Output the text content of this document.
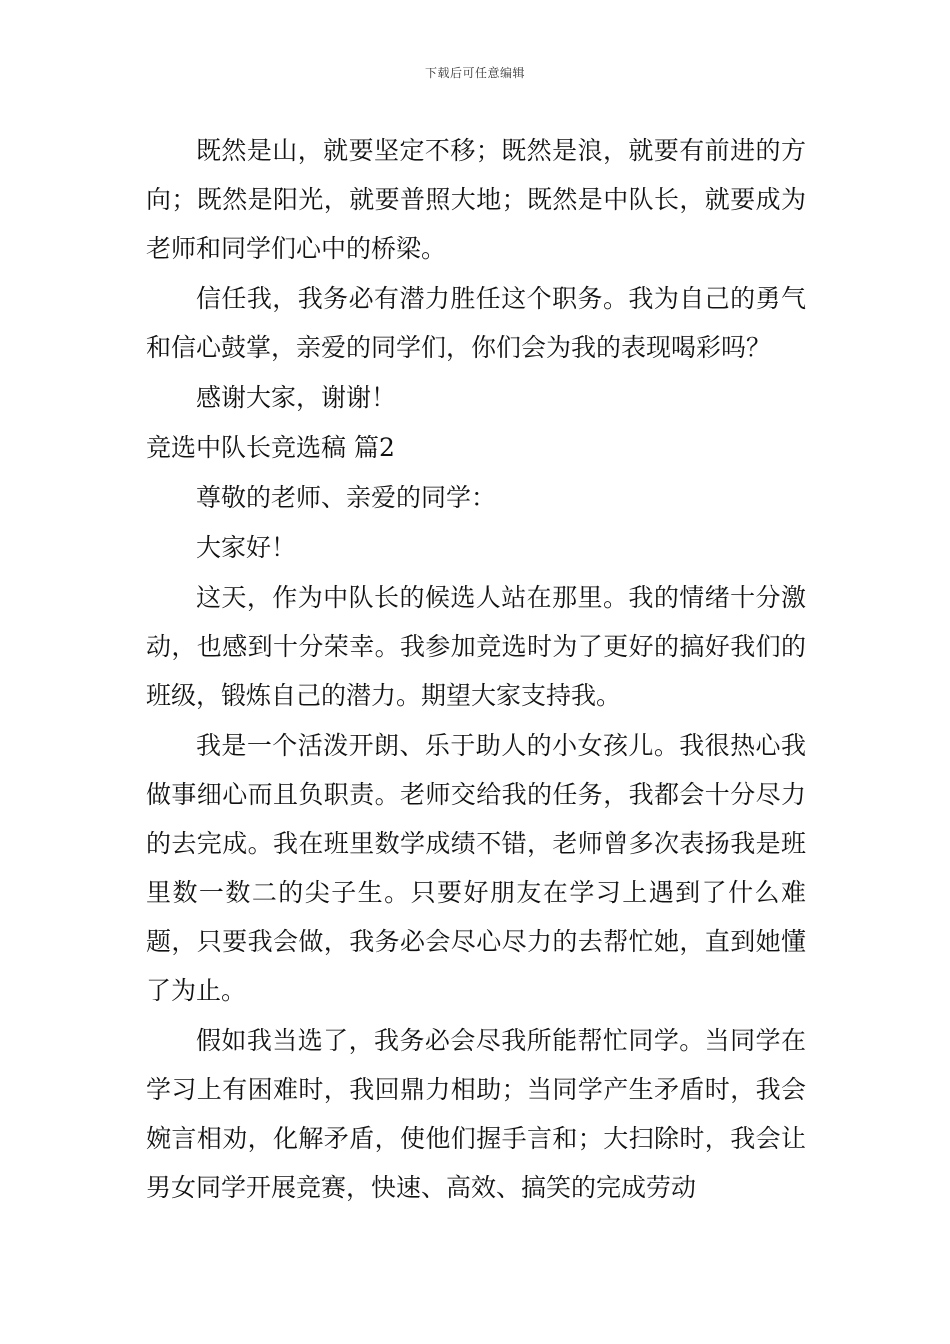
下载后可任意编辑

既然是山，就要坚定不移；既然是浪，就要有前进的方向；既然是阳光，就要普照大地；既然是中队长，就要成为老师和同学们心中的桥梁。

信任我，我务必有潜力胜任这个职务。我为自己的勇气和信心鼓掌，亲爱的同学们，你们会为我的表现喝彩吗？

感谢大家，谢谢！

竞选中队长竞选稿 篇2

尊敬的老师、亲爱的同学：

大家好！

这天，作为中队长的候选人站在那里。我的情绪十分激动，也感到十分荣幸。我参加竞选时为了更好的搞好我们的班级，锻炼自己的潜力。期望大家支持我。

我是一个活泼开朗、乐于助人的小女孩儿。我很热心我做事细心而且负职责。老师交给我的任务，我都会十分尽力的去完成。我在班里数学成绩不错，老师曾多次表扬我是班里数一数二的尖子生。只要好朋友在学习上遇到了什么难题，只要我会做，我务必会尽心尽力的去帮忙她，直到她懂了为止。

假如我当选了，我务必会尽我所能帮忙同学。当同学在学习上有困难时，我回鼎力相助；当同学产生矛盾时，我会婉言相劝，化解矛盾，使他们握手言和；大扫除时，我会让男女同学开展竞赛，快速、高效、搞笑的完成劳动
